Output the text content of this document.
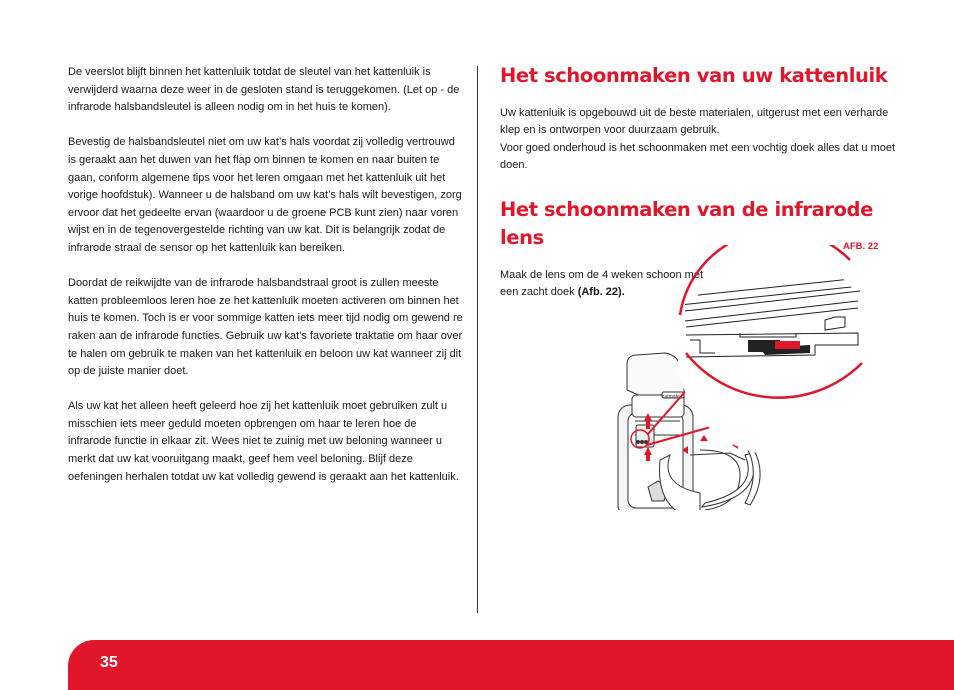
De veerslot blijft binnen het kattenluik totdat de sleutel van het kattenluik is verwijderd waarna deze weer in de gesloten stand is teruggekomen. (Let op - de infrarode halsbandsleutel is alleen nodig om in het huis te komen).

Bevestig de halsbandsleutel niet om uw kat’s hals voordat zij volledig vertrouwd is geraakt aan het duwen van het flap om binnen te komen en naar buiten te gaan, conform algemene tips voor het leren omgaan met het kattenluik uit het vorige hoofdstuk). Wanneer u de halsband om uw kat’s hals wilt bevestigen, zorg ervoor dat het gedeelte ervan (waardoor u de groene PCB kunt zien) naar voren wijst en in de tegenovergestelde richting van uw kat. Dit is belangrijk zodat de infrarode straal de sensor op het kattenluik kan bereiken.

Doordat de reikwijdte van de infrarode halsbandstraal groot is zullen meeste katten probleemloos leren hoe ze het kattenluik moeten activeren om binnen het huis te komen. Toch is er voor sommige katten iets meer tijd nodig om gewend re raken aan de infrarode functies. Gebruik uw kat’s favoriete traktatie om haar over te halen om gebruik te maken van het kattenluik en beloon uw kat wanneer zij dit op de juiste manier doet.

Als uw kat het alleen heeft geleerd hoe zij het kattenluik moet gebruiken zult u misschien iets meer geduld moeten opbrengen om haar te leren hoe de infrarode functie in elkaar zit. Wees niet te zuinig met uw beloning wanneer u merkt dat uw kat vooruitgang maakt, geef hem veel beloning. Blijf deze oefeningen herhalen totdat uw kat volledig gewend is geraakt aan het kattenluik.

Het schoonmaken van uw kattenluik

Uw kattenluik is opgebouwd uit de beste materialen, uitgerust met een verharde klep en is ontworpen voor duurzaam gebruik.

Voor goed onderhoud is het schoonmaken met een vochtig doek alles dat u moet doen.

Het schoonmaken van de infrarode lens
Maak de lens om de 4 weken schoon met een zacht doek (Afb. 22).
AFB. 22
catmate
35
